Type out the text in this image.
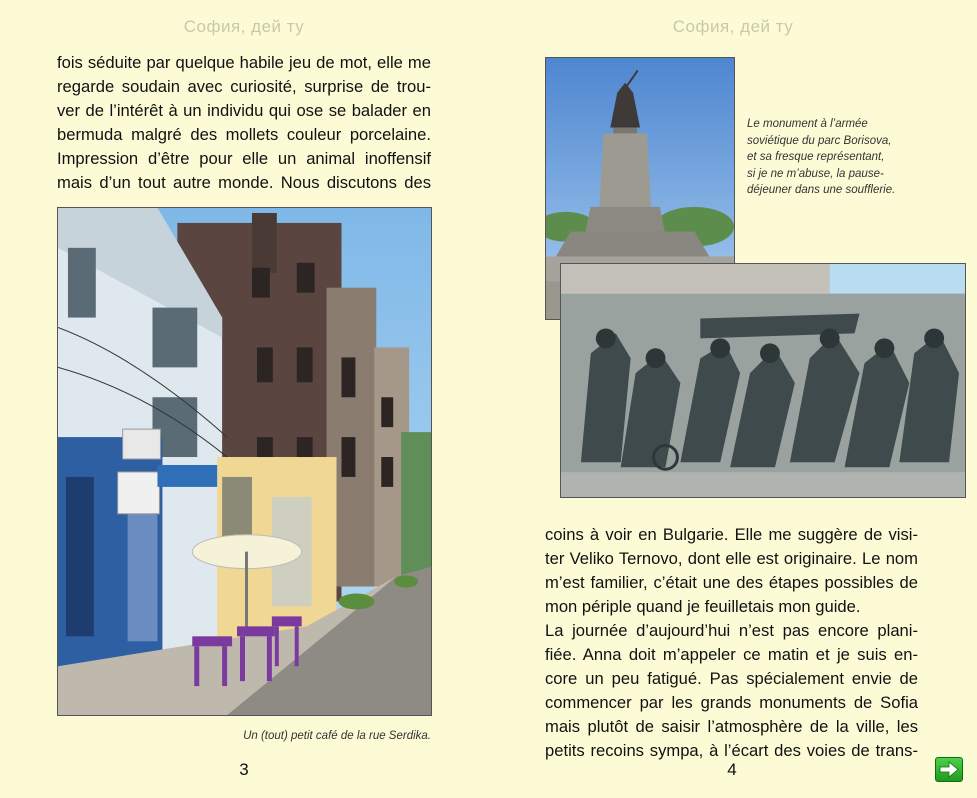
София, дей ту
fois séduite par quelque habile jeu de mot, elle me
regarde soudain avec curiosité, surprise de trou-
ver de l’intérêt à un individu qui ose se balader en
bermuda malgré des mollets couleur porcelaine.
Impression d’être pour elle un animal inoffensif
mais d’un tout autre monde. Nous discutons des
Un (tout) petit café de la rue Serdika.
3
София, дей ту
Le monument à l’armée
soviétique du parc Borisova,
et sa fresque représentant,
si je ne m’abuse, la pause-
déjeuner dans une soufflerie.
coins à voir en Bulgarie. Elle me suggère de visi-
ter Veliko Ternovo, dont elle est originaire. Le nom
m’est familier, c’était une des étapes possibles de
mon périple quand je feuilletais mon guide.
La journée d’aujourd’hui n’est pas encore plani-
fiée. Anna doit m’appeler ce matin et je suis en-
core un peu fatigué. Pas spécialement envie de
commencer par les grands monuments de Sofia
mais plutôt de saisir l’atmosphère de la ville, les
petits recoins sympa, à l’écart des voies de trans-
4
